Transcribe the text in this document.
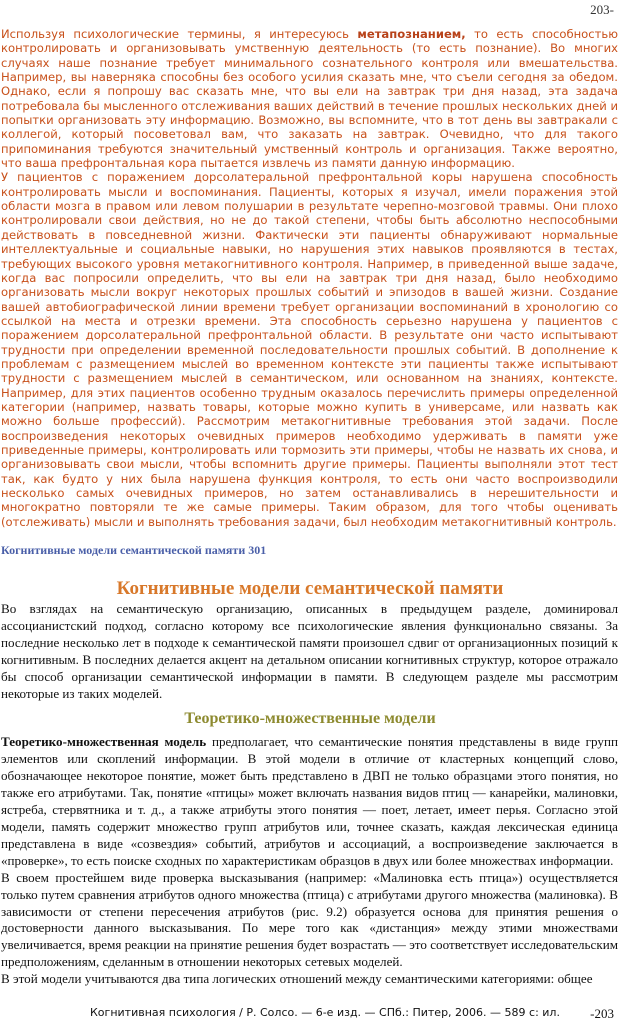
203-

Используя психологические термины, я интересуюсь метапознанием, то есть способностью контролировать и организовывать умственную деятельность (то есть познание). Во многих случаях наше познание требует минимального сознательного контроля или вмешательства. Например, вы наверняка способны без особого усилия сказать мне, что съели сегодня за обедом. Однако, если я попрошу вас сказать мне, что вы ели на завтрак три дня назад, эта задача потребовала бы мысленного отслеживания ваших действий в течение прошлых нескольких дней и попытки организовать эту информацию. Возможно, вы вспомните, что в тот день вы завтракали с коллегой, который посоветовал вам, что заказать на завтрак. Очевидно, что для такого припоминания требуются значительный умственный контроль и организация. Также вероятно, что ваша префронтальная кора пытается извлечь из памяти данную информацию.

У пациентов с поражением дорсолатеральной префронтальной коры нарушена способность контролировать мысли и воспоминания. Пациенты, которых я изучал, имели поражения этой области мозга в правом или левом полушарии в результате черепно-мозговой травмы. Они плохо контролировали свои действия, но не до такой степени, чтобы быть абсолютно неспособными действовать в повседневной жизни. Фактически эти пациенты обнаруживают нормальные интеллектуальные и социальные навыки, но нарушения этих навыков проявляются в тестах, требующих высокого уровня метакогнитивного контроля. Например, в приведенной выше задаче, когда вас попросили определить, что вы ели на завтрак три дня назад, было необходимо организовать мысли вокруг некоторых прошлых событий и эпизодов в вашей жизни. Создание вашей автобиографической линии времени требует организации воспоминаний в хронологию со ссылкой на места и отрезки времени. Эта способность серьезно нарушена у пациентов с поражением дорсолатеральной префронтальной области. В результате они часто испытывают трудности при определении временной последовательности прошлых событий. В дополнение к проблемам с размещением мыслей во временном контексте эти пациенты также испытывают трудности с размещением мыслей в семантическом, или основанном на знаниях, контексте. Например, для этих пациентов особенно трудным оказалось перечислить примеры определенной категории (например, назвать товары, которые можно купить в универсаме, или назвать как можно больше профессий). Рассмотрим метакогнитивные требования этой задачи. После воспроизведения некоторых очевидных примеров необходимо удерживать в памяти уже приведенные примеры, контролировать или тормозить эти примеры, чтобы не назвать их снова, и организовывать свои мысли, чтобы вспомнить другие примеры. Пациенты выполняли этот тест так, как будто у них была нарушена функция контроля, то есть они часто воспроизводили несколько самых очевидных примеров, но затем останавливались в нерешительности и многократно повторяли те же самые примеры. Таким образом, для того чтобы оценивать (отслеживать) мысли и выполнять требования задачи, был необходим метакогнитивный контроль.

Когнитивные модели семантической памяти 301
Когнитивные модели семантической памяти

Во взглядах на семантическую организацию, описанных в предыдущем разделе, доминировал ассоцианистский подход, согласно которому все психологические явления функционально связаны. За последние несколько лет в подходе к семантической памяти произошел сдвиг от организационных позиций к когнитивным. В последних делается акцент на детальном описании когнитивных структур, которое отражало бы способ организации семантической информации в памяти. В следующем разделе мы рассмотрим некоторые из таких моделей.

Теоретико-множественные модели

Теоретико-множественная модель предполагает, что семантические понятия представлены в виде групп элементов или скоплений информации. В этой модели в отличие от кластерных концепций слово, обозначающее некоторое понятие, может быть представлено в ДВП не только образцами этого понятия, но также его атрибутами. Так, понятие «птицы» может включать названия видов птиц — канарейки, малиновки, ястреба, стервятника и т. д., а также атрибуты этого понятия — поет, летает, имеет перья. Согласно этой модели, память содержит множество групп атрибутов или, точнее сказать, каждая лексическая единица представлена в виде «созвездия» событий, атрибутов и ассоциаций, а воспроизведение заключается в «проверке», то есть поиске сходных по характеристикам образцов в двух или более множествах информации.

В своем простейшем виде проверка высказывания (например: «Малиновка есть птица») осуществляется только путем сравнения атрибутов одного множества (птица) с атрибутами другого множества (малиновка). В зависимости от степени пересечения атрибутов (рис. 9.2) образуется основа для принятия решения о достоверности данного высказывания. По мере того как «дистанция» между этими множествами увеличивается, время реакции на принятие решения будет возрастать — это соответствует исследовательским предположениям, сделанным в отношении некоторых сетевых моделей.

В этой модели учитываются два типа логических отношений между семантическими категориями: общее

Когнитивная психология / Р. Солсо. — 6-е изд. — СПб.: Питер, 2006. — 589 с: ил. -203
